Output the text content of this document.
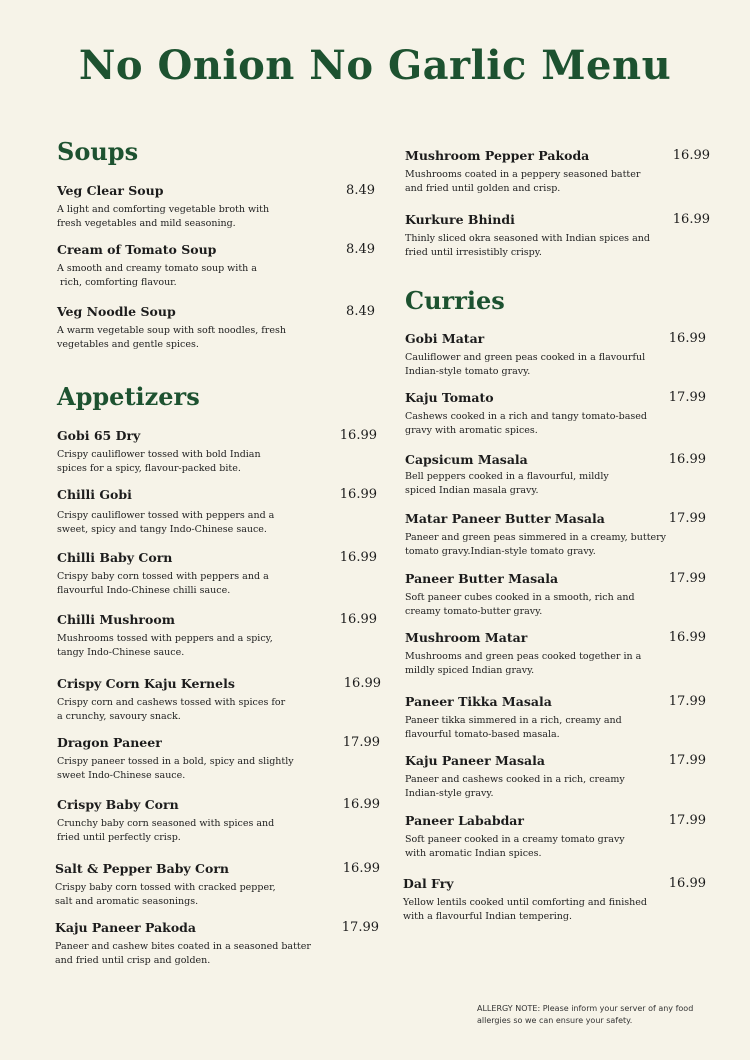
No Onion No Garlic Menu
Soups
Veg Clear Soup	8.49
A light and comforting vegetable broth with
fresh vegetables and mild seasoning.
Cream of Tomato Soup	8.49
A smooth and creamy tomato soup with a
rich, comforting flavour.
Veg Noodle Soup	8.49
A warm vegetable soup with soft noodles, fresh
vegetables and gentle spices.
Appetizers
Gobi 65 Dry	16.99
Crispy cauliflower tossed with bold Indian
spices for a spicy, flavour-packed bite.
Chilli Gobi	16.99
Crispy cauliflower tossed with peppers and a
sweet, spicy and tangy Indo-Chinese sauce.
Chilli Baby Corn	16.99
Crispy baby corn tossed with peppers and a
flavourful Indo-Chinese chilli sauce.
Chilli Mushroom	16.99
Mushrooms tossed with peppers and a spicy,
tangy Indo-Chinese sauce.
Crispy Corn Kaju Kernels	16.99
Crispy corn and cashews tossed with spices for
a crunchy, savoury snack.
Dragon Paneer	17.99
Crispy paneer tossed in a bold, spicy and slightly
sweet Indo-Chinese sauce.
Crispy Baby Corn	16.99
Crunchy baby corn seasoned with spices and
fried until perfectly crisp.
Salt & Pepper Baby Corn	16.99
Crispy baby corn tossed with cracked pepper,
salt and aromatic seasonings.
Kaju Paneer Pakoda	17.99
Paneer and cashew bites coated in a seasoned batter
and fried until crisp and golden.
Mushroom Pepper Pakoda	16.99
Mushrooms coated in a peppery seasoned batter
and fried until golden and crisp.
Kurkure Bhindi	16.99
Thinly sliced okra seasoned with Indian spices and
fried until irresistibly crispy.
Curries
Gobi Matar	16.99
Cauliflower and green peas cooked in a flavourful
Indian-style tomato gravy.
Kaju Tomato	17.99
Cashews cooked in a rich and tangy tomato-based
gravy with aromatic spices.
Capsicum Masala	16.99
Bell peppers cooked in a flavourful, mildly
spiced Indian masala gravy.
Matar Paneer Butter Masala	17.99
Paneer and green peas simmered in a creamy, buttery
tomato gravy.Indian-style tomato gravy.
Paneer Butter Masala	17.99
Soft paneer cubes cooked in a smooth, rich and
creamy tomato-butter gravy.
Mushroom Matar	16.99
Mushrooms and green peas cooked together in a
mildly spiced Indian gravy.
Paneer Tikka Masala	17.99
Paneer tikka simmered in a rich, creamy and
flavourful tomato-based masala.
Kaju Paneer Masala	17.99
Paneer and cashews cooked in a rich, creamy
Indian-style gravy.
Paneer Lababdar	17.99
Soft paneer cooked in a creamy tomato gravy
with aromatic Indian spices.
Dal Fry	16.99
Yellow lentils cooked until comforting and finished
with a flavourful Indian tempering.
ALLERGY NOTE: Please inform your server of any food
allergies so we can ensure your safety.
